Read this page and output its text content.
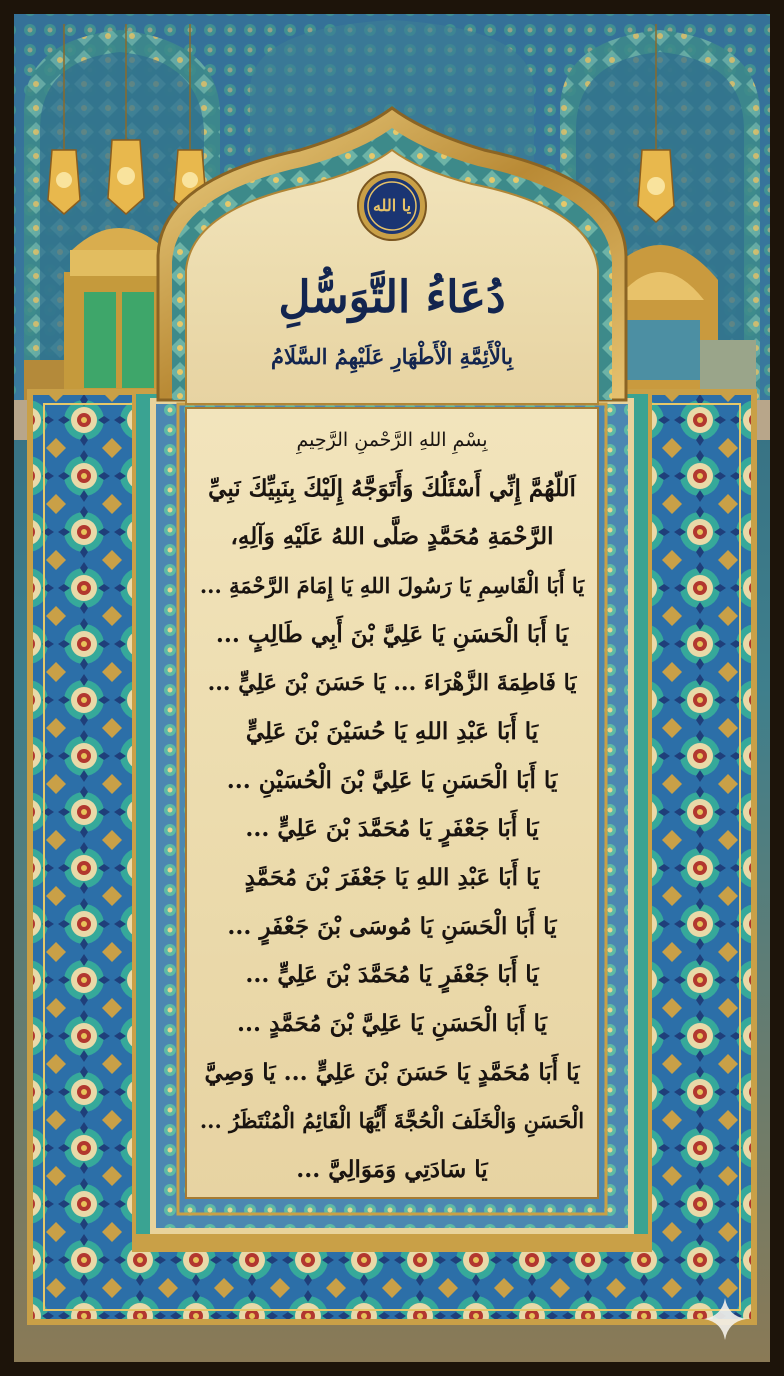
يا الله
دُعَاءُ التَّوَسُّلِ
بِالْأَئِمَّةِ الْأَطْهَارِ عَلَيْهِمُ السَّلَامُ
بِسْمِ اللهِ الرَّحْمنِ الرَّحِيمِ
اَللّهُمَّ إِنِّي أَسْئَلُكَ وَأَتَوَجَّهُ إِلَيْكَ بِنَبِيِّكَ نَبِيِّ
الرَّحْمَةِ مُحَمَّدٍ صَلَّى اللهُ عَلَيْهِ وَآلِهِ،
يَا أَبَا الْقَاسِمِ يَا رَسُولَ اللهِ يَا إِمَامَ الرَّحْمَةِ ...
يَا أَبَا الْحَسَنِ يَا عَلِيَّ بْنَ أَبِي طَالِبٍ ...
يَا فَاطِمَةَ الزَّهْرَاءَ ... يَا حَسَنَ بْنَ عَلِيٍّ ...
يَا أَبَا عَبْدِ اللهِ يَا حُسَيْنَ بْنَ عَلِيٍّ
يَا أَبَا الْحَسَنِ يَا عَلِيَّ بْنَ الْحُسَيْنِ ...
يَا أَبَا جَعْفَرٍ يَا مُحَمَّدَ بْنَ عَلِيٍّ ...
يَا أَبَا عَبْدِ اللهِ يَا جَعْفَرَ بْنَ مُحَمَّدٍ
يَا أَبَا الْحَسَنِ يَا مُوسَى بْنَ جَعْفَرٍ ...
يَا أَبَا جَعْفَرٍ يَا مُحَمَّدَ بْنَ عَلِيٍّ ...
يَا أَبَا الْحَسَنِ يَا عَلِيَّ بْنَ مُحَمَّدٍ ...
يَا أَبَا مُحَمَّدٍ يَا حَسَنَ بْنَ عَلِيٍّ ... يَا وَصِيَّ
الْحَسَنِ وَالْخَلَفَ الْحُجَّةَ أَيُّهَا الْقَائِمُ الْمُنْتَظَرُ ...
يَا سَادَتِي وَمَوَالِيَّ ...
